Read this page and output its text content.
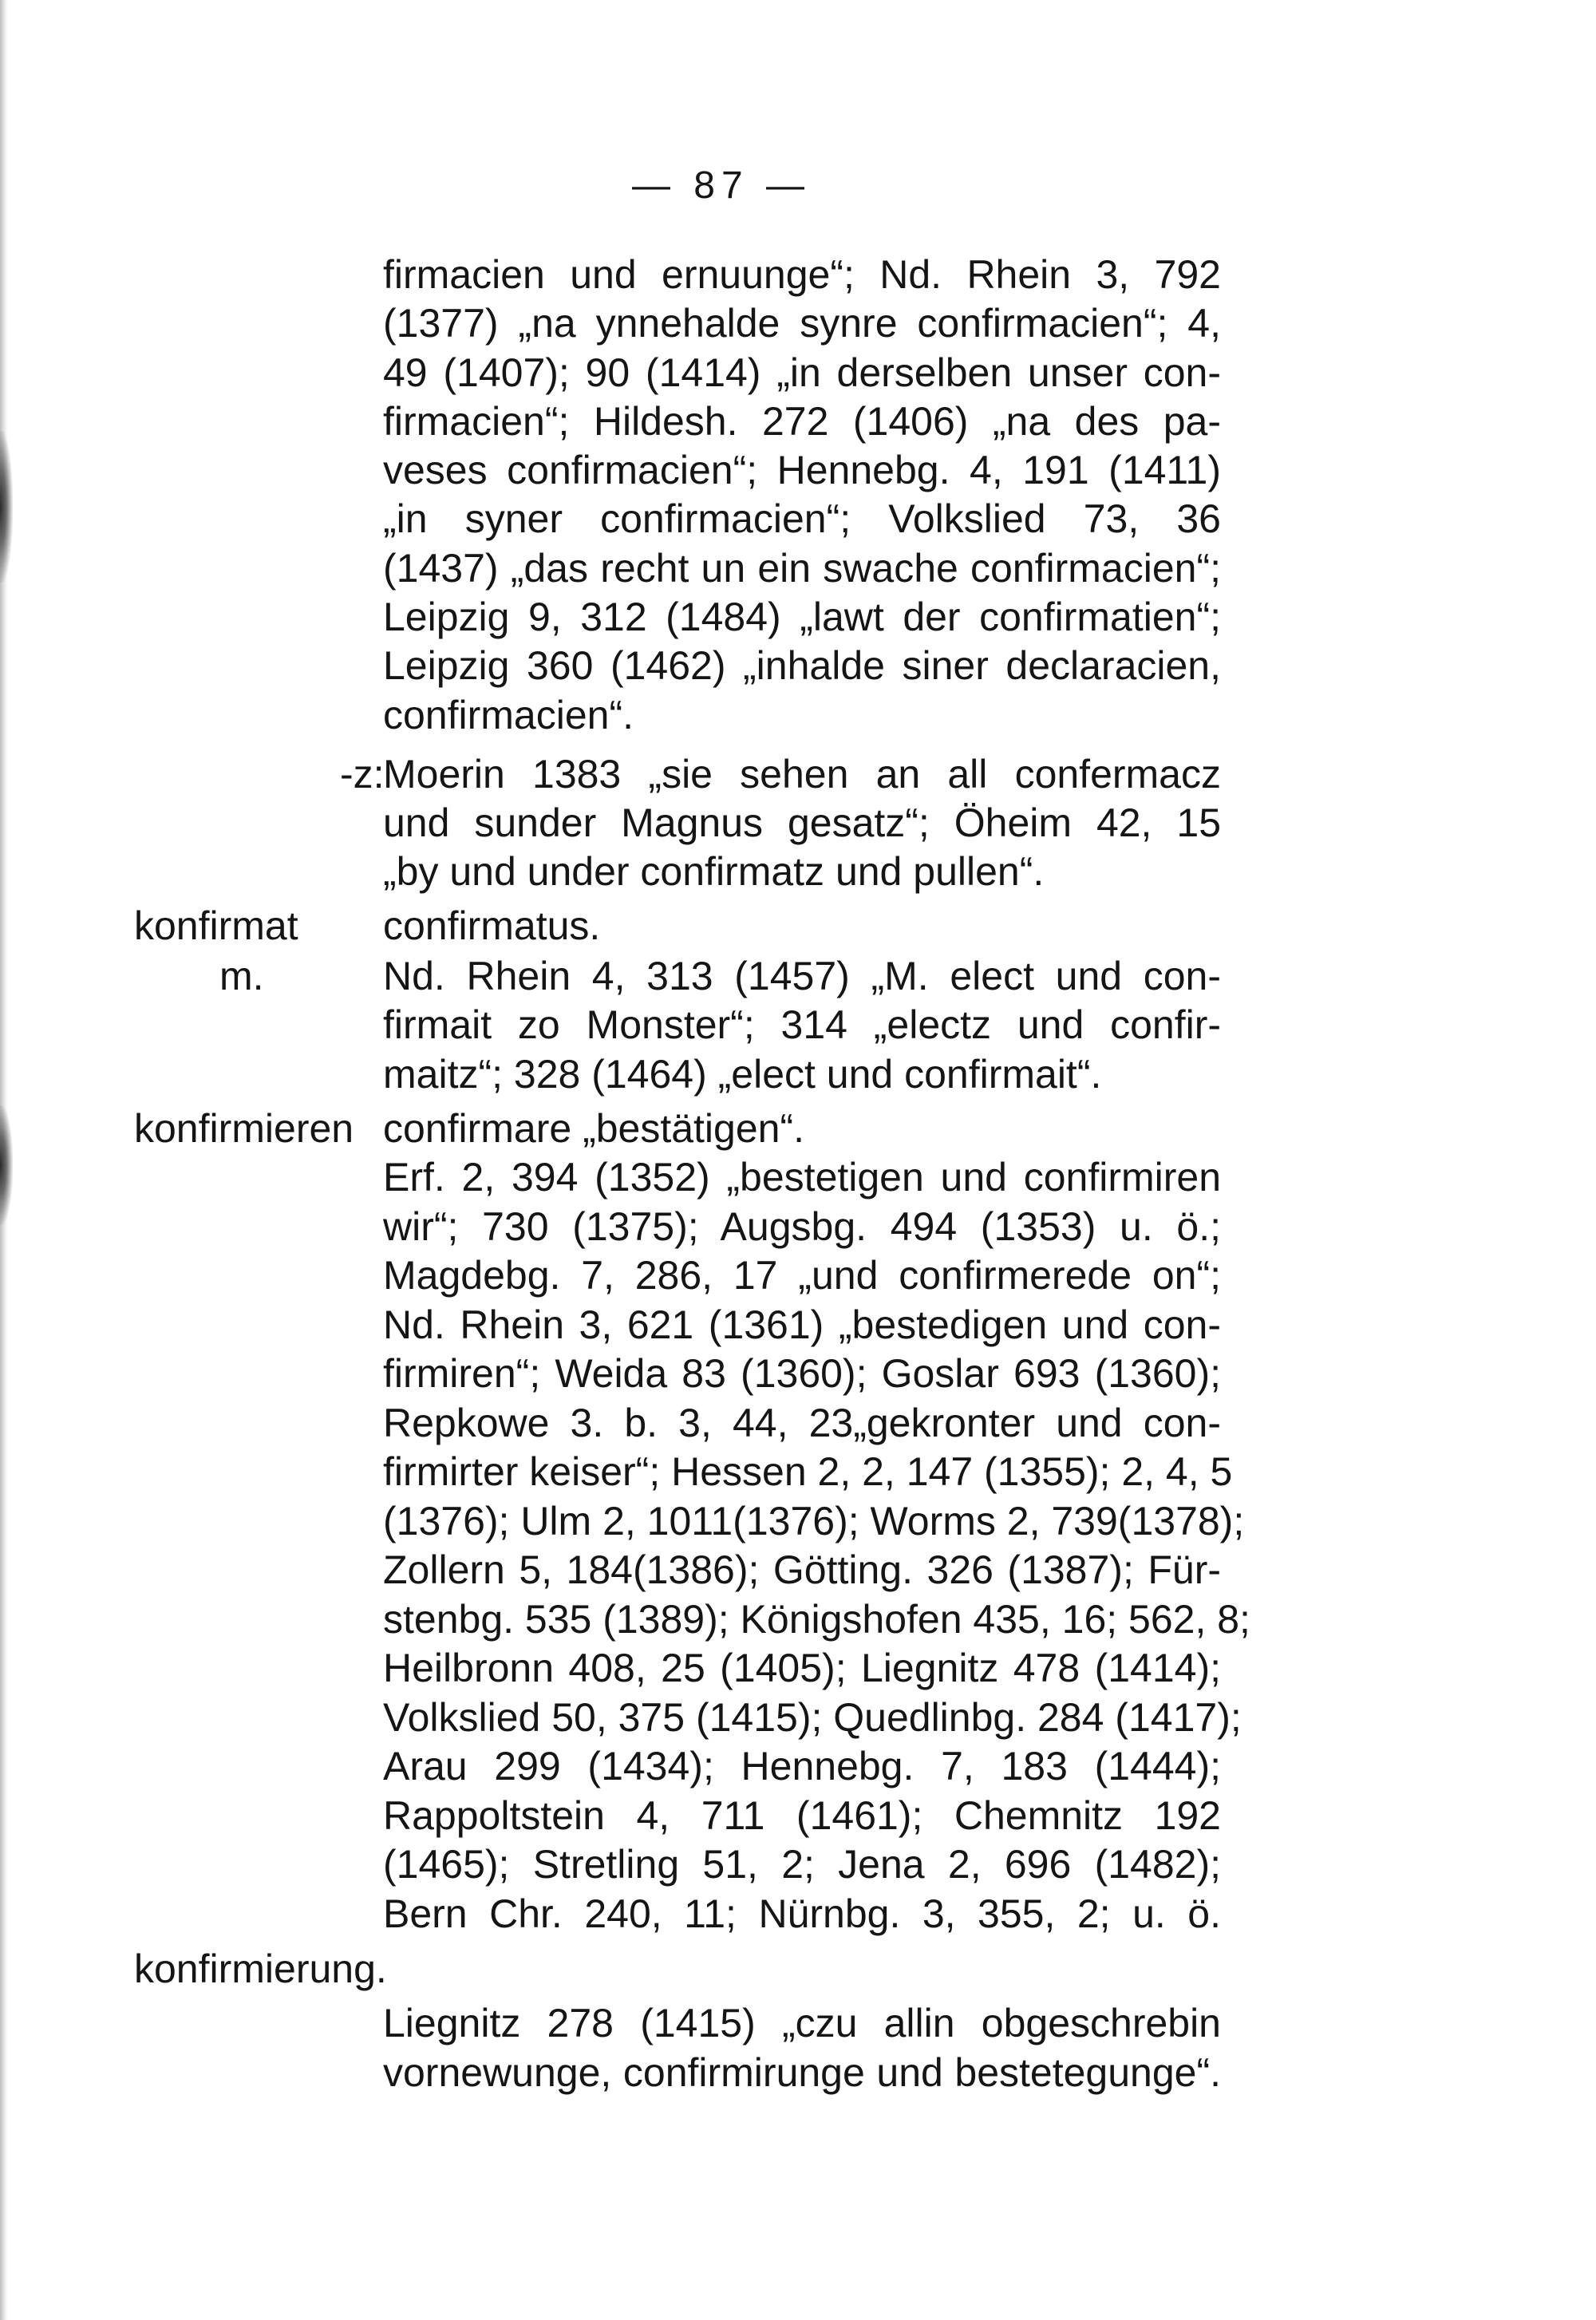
— 87 —
firmacien und ernuunge“; Nd. Rhein 3, 792
(1377) „na ynnehalde synre confirmacien“; 4,
49 (1407); 90 (1414) „in derselben unser con-
firmacien“; Hildesh. 272 (1406) „na des pa-
veses confirmacien“; Hennebg. 4, 191 (1411)
„in syner confirmacien“; Volkslied 73, 36
(1437) „das recht un ein swache confirmacien“;
Leipzig 9, 312 (1484) „lawt der confirmatien“;
Leipzig 360 (1462) „inhalde siner declaracien,
confirmacien“.
-z:
Moerin 1383 „sie sehen an all confermacz
und sunder Magnus gesatz“; Öheim 42, 15
„by und under confirmatz und pullen“.
konfirmat confirmatus.
m.	Nd. Rhein 4, 313 (1457) „M. elect und con-
firmait zo Monster“; 314 „electz und confir-
maitz“; 328 (1464) „elect und confirmait“.
konfirmieren confirmare „bestätigen“.
Erf. 2, 394 (1352) „bestetigen und confirmiren
wir“; 730 (1375); Augsbg. 494 (1353) u. ö.;
Magdebg. 7, 286, 17 „und confirmerede on“;
Nd. Rhein 3, 621 (1361) „bestedigen und con-
firmiren“; Weida 83 (1360); Goslar 693 (1360);
Repkowe 3. b. 3, 44, 23„gekronter und con-
firmirter keiser“; Hessen 2, 2, 147 (1355); 2, 4, 5
(1376); Ulm 2, 1011(1376); Worms 2, 739(1378);
Zollern 5, 184(1386); Götting. 326 (1387); Für-
stenbg. 535 (1389); Königshofen 435, 16; 562, 8;
Heilbronn 408, 25 (1405); Liegnitz 478 (1414);
Volkslied 50, 375 (1415); Quedlinbg. 284 (1417);
Arau 299 (1434); Hennebg. 7, 183 (1444);
Rappoltstein 4, 711 (1461); Chemnitz 192
(1465); Stretling 51, 2; Jena 2, 696 (1482);
Bern Chr. 240, 11; Nürnbg. 3, 355, 2; u. ö.
konfirmierung.
Liegnitz 278 (1415) „czu allin obgeschrebin
vornewunge, confirmirunge und bestetegunge“.
